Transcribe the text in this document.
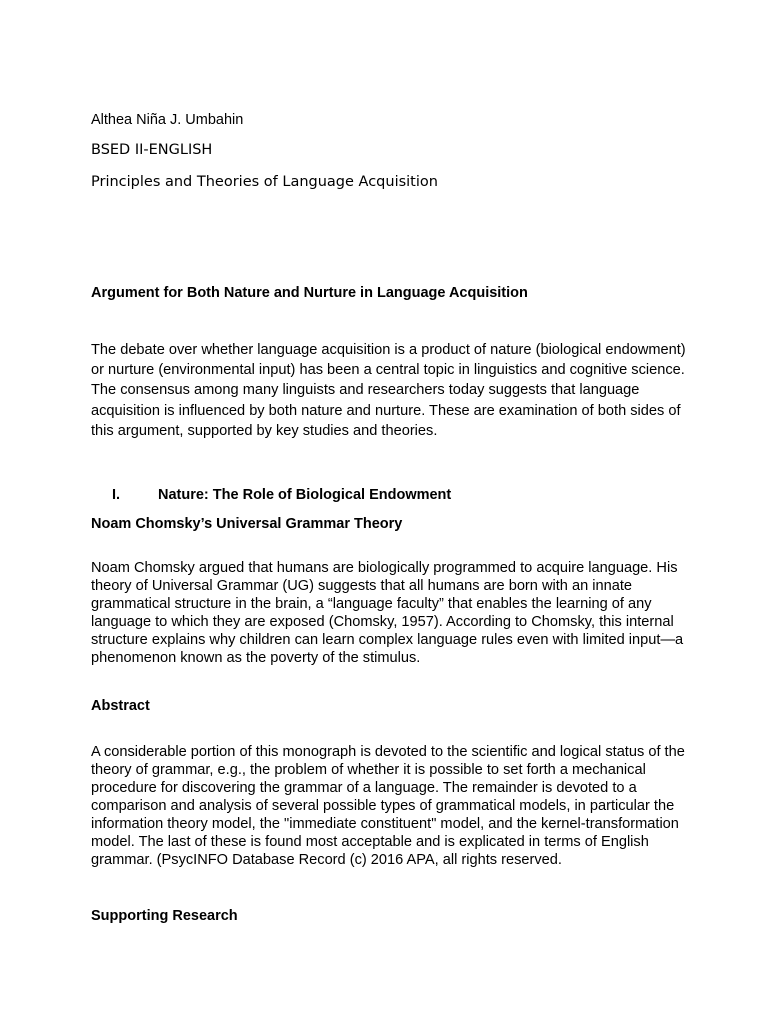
Althea Niña J. Umbahin

BSED II-ENGLISH

Principles and Theories of Language Acquisition

Argument for Both Nature and Nurture in Language Acquisition

The debate over whether language acquisition is a product of nature (biological endowment) or nurture (environmental input) has been a central topic in linguistics and cognitive science. The consensus among many linguists and researchers today suggests that language acquisition is influenced by both nature and nurture. These are examination of both sides of this argument, supported by key studies and theories.

I.	Nature: The Role of Biological Endowment

Noam Chomsky’s Universal Grammar Theory

Noam Chomsky argued that humans are biologically programmed to acquire language. His theory of Universal Grammar (UG) suggests that all humans are born with an innate grammatical structure in the brain, a “language faculty” that enables the learning of any language to which they are exposed (Chomsky, 1957). According to Chomsky, this internal structure explains why children can learn complex language rules even with limited input—a phenomenon known as the poverty of the stimulus.

Abstract

A considerable portion of this monograph is devoted to the scientific and logical status of the theory of grammar, e.g., the problem of whether it is possible to set forth a mechanical procedure for discovering the grammar of a language. The remainder is devoted to a comparison and analysis of several possible types of grammatical models, in particular the information theory model, the "immediate constituent" model, and the kernel-transformation model. The last of these is found most acceptable and is explicated in terms of English grammar. (PsycINFO Database Record (c) 2016 APA, all rights reserved.

Supporting Research
